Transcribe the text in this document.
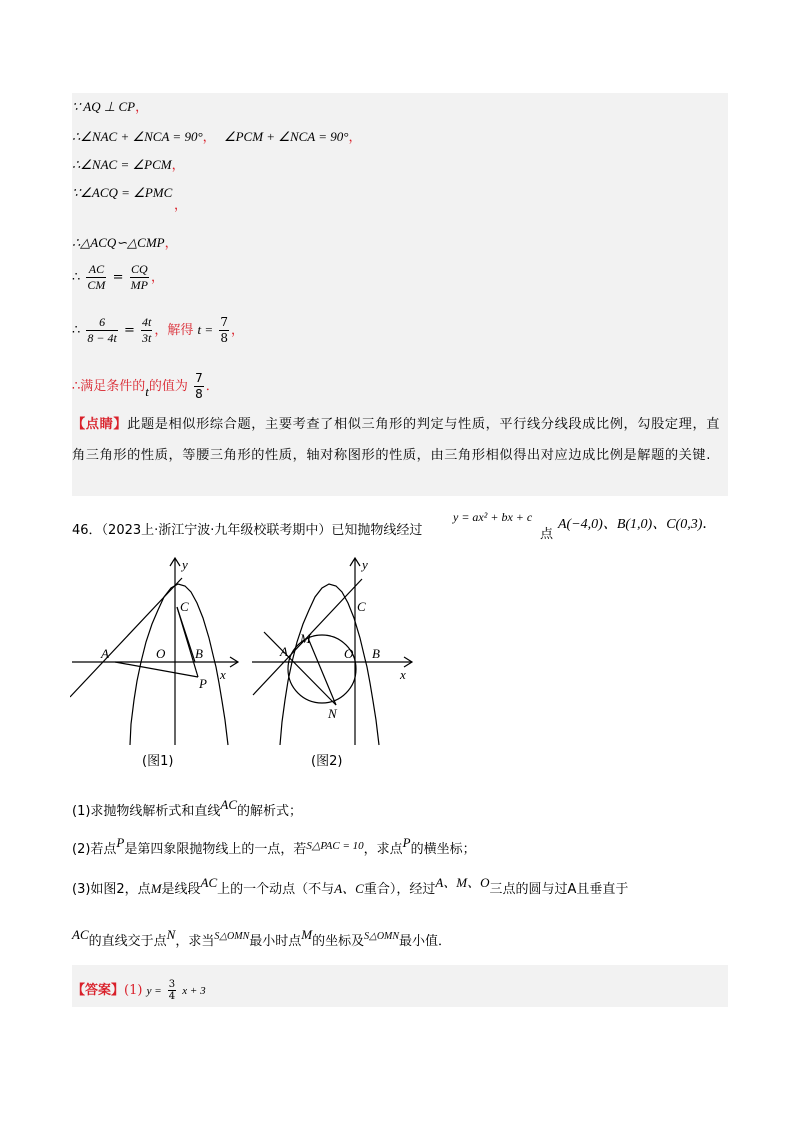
∵ AQ ⊥ CP，
∴∠NAC + ∠NCA = 90°， ∠PCM + ∠NCA = 90°，
∴∠NAC = ∠PCM，
∵∠ACQ = ∠PMC
，
∴△ACQ∽△CMP，
∴ $\frac{AC}{CM} = \frac{CQ}{MP}$ ，
∴ $\frac{6}{8 - 4t} = \frac{4t}{3t}$ ，解得 $t = \frac{7}{8}$ ，
∴满足条件的t的值为 $\frac{7}{8}$ ．
【点睛】此题是相似形综合题，主要考查了相似三角形的判定与性质，平行线分线段成比例，勾股定理，直角三角形的性质，等腰三角形的性质，轴对称图形的性质，由三角形相似得出对应边成比例是解题的关键.
46．（2023上·浙江宁波·九年级校联考期中）已知抛物线经过
y = ax² + bx + c
点
A(−4,0)、B(1,0)、C(0,3)．
y
x
A	O B
C
P
(图1)
y
x
A	O B
C
M
N
(图2)
(1)求抛物线解析式和直线AC的解析式；
(2)若点P是第四象限抛物线上的一点，若$^{S\triangle PAC = 10}$，求点P的横坐标；
(3)如图2，点M是线段AC上的一个动点（不与A、C重合），经过A、M、O三点的圆与过A且垂直于
AC的直线交于点N，求当$^{S\triangle OMN}$最小时点M的坐标及$^{S\triangle OMN}$最小值．
【答案】(1) $y = \frac{3}{4}$ x + 3
